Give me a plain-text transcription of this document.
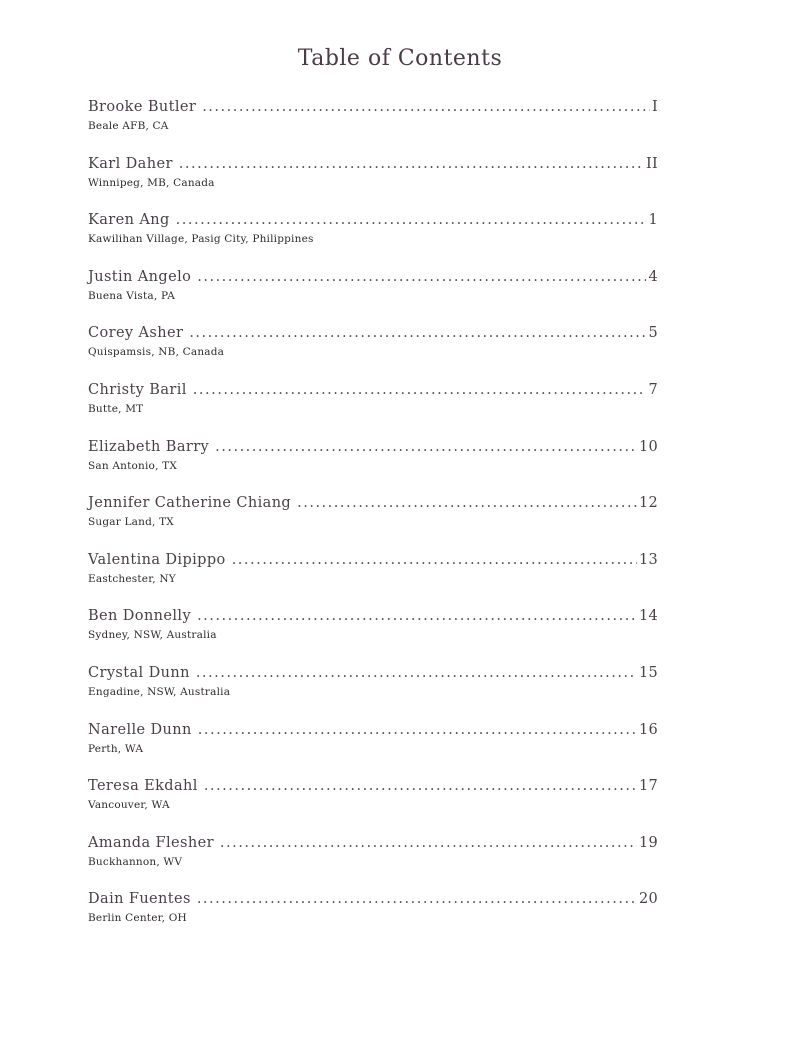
Table of Contents
Brooke Butler .....	I
Beale AFB, CA
Karl Daher .....	II
Winnipeg, MB, Canada
Karen Ang .....	1
Kawilihan Village, Pasig City, Philippines
Justin Angelo .....	4
Buena Vista, PA
Corey Asher .....	5
Quispamsis, NB, Canada
Christy Baril .....	7
Butte, MT
Elizabeth Barry .....	10
San Antonio, TX
Jennifer Catherine Chiang .....	12
Sugar Land, TX
Valentina Dipippo .....	13
Eastchester, NY
Ben Donnelly .....	14
Sydney, NSW, Australia
Crystal Dunn .....	15
Engadine, NSW, Australia
Narelle Dunn .....	16
Perth, WA
Teresa Ekdahl .....	17
Vancouver, WA
Amanda Flesher .....	19
Buckhannon, WV
Dain Fuentes .....	20
Berlin Center, OH
